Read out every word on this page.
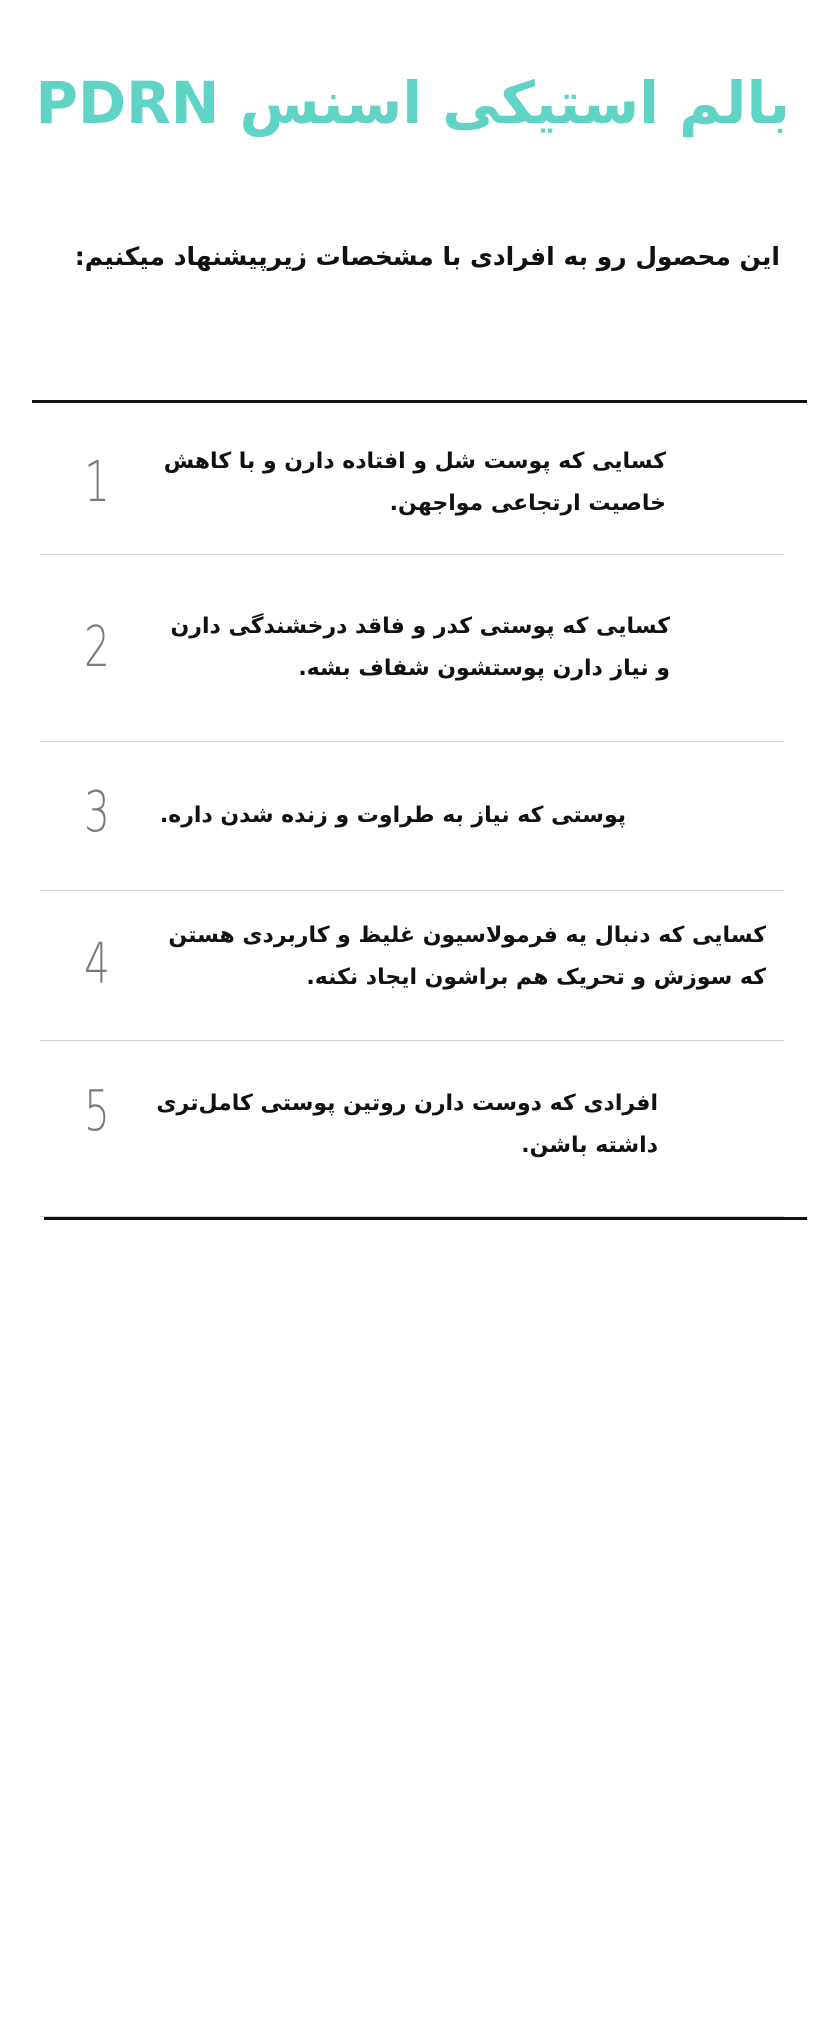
بالم استیکی اسنس PDRN
این محصول رو به افرادی با مشخصات زیرپیشنهاد میکنیم:
1	کسایی که پوست شل و افتاده دارن و با کاهش
خاصیت ارتجاعی مواجهن.
2	کسایی که پوستی کدر و فاقد درخشندگی دارن
و نیاز دارن پوستشون شفاف بشه.
3	پوستی که نیاز به طراوت و زنده شدن داره.
4	کسایی که دنبال یه فرمولاسیون غلیظ و کاربردی هستن
که سوزش و تحریک هم براشون ایجاد نکنه.
5	افرادی که دوست دارن روتین پوستی کامل‌تری
داشته باشن.
